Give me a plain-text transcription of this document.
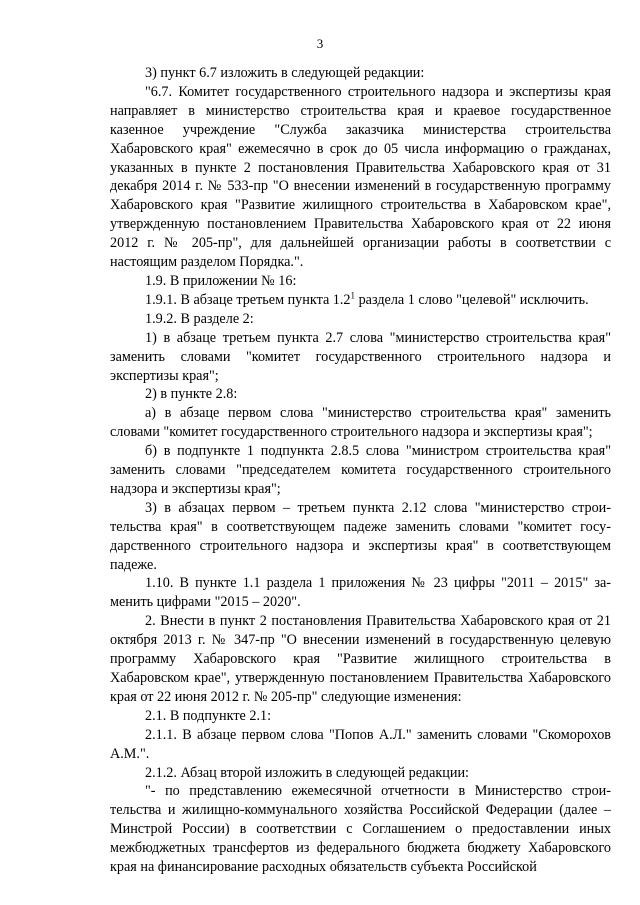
3

3) пункт 6.7 изложить в следующей редакции:

"6.7. Комитет государственного строительного надзора и экспертизы края направляет в министерство строительства края и краевое государственное казенное учреждение "Служба заказчика министерства строительства Хабаровского края" ежемесячно в срок до 05 числа информацию о гражданах, указанных в пункте 2 постановления Правительства Хабаровского края от 31 декабря 2014 г. № 533-пр "О внесении изменений в государственную программу Хабаровского края "Развитие жилищного строительства в Хабаровском крае", утвержденную постановлением Правительства Хабаровского края от 22 июня 2012 г. № 205-пр", для дальнейшей организации работы в соответствии с настоящим разделом Порядка.".

1.9. В приложении № 16:

1.9.1. В абзаце третьем пункта $1.2^1$ раздела 1 слово "целевой" исключить.

1.9.2. В разделе 2:

1) в абзаце третьем пункта 2.7 слова "министерство строительства края" заменить словами "комитет государственного строительного надзора и экспертизы края";

2) в пункте 2.8:

а) в абзаце первом слова "министерство строительства края" заменить словами "комитет государственного строительного надзора и экспертизы края";

б) в подпункте 1 подпункта 2.8.5 слова "министром строительства края" заменить словами "председателем комитета государственного строительного надзора и экспертизы края";

3) в абзацах первом – третьем пункта 2.12 слова "министерство строительства края" в соответствующем падеже заменить словами "комитет государственного строительного надзора и экспертизы края" в соответствующем падеже.

1.10. В пункте 1.1 раздела 1 приложения № 23 цифры "2011 – 2015" заменить цифрами "2015 – 2020".

2. Внести в пункт 2 постановления Правительства Хабаровского края от 21 октября 2013 г. № 347-пр "О внесении изменений в государственную целевую программу Хабаровского края "Развитие жилищного строительства в Хабаровском крае", утвержденную постановлением Правительства Хабаровского края от 22 июня 2012 г. № 205-пр" следующие изменения:

2.1. В подпункте 2.1:

2.1.1. В абзаце первом слова "Попов А.Л." заменить словами "Скоморохов А.М.".

2.1.2. Абзац второй изложить в следующей редакции:

"- по представлению ежемесячной отчетности в Министерство строительства и жилищно-коммунального хозяйства Российской Федерации (далее – Минстрой России) в соответствии с Соглашением о предоставлении иных межбюджетных трансфертов из федерального бюджета бюджету Хабаровского края на финансирование расходных обязательств субъекта Российской
